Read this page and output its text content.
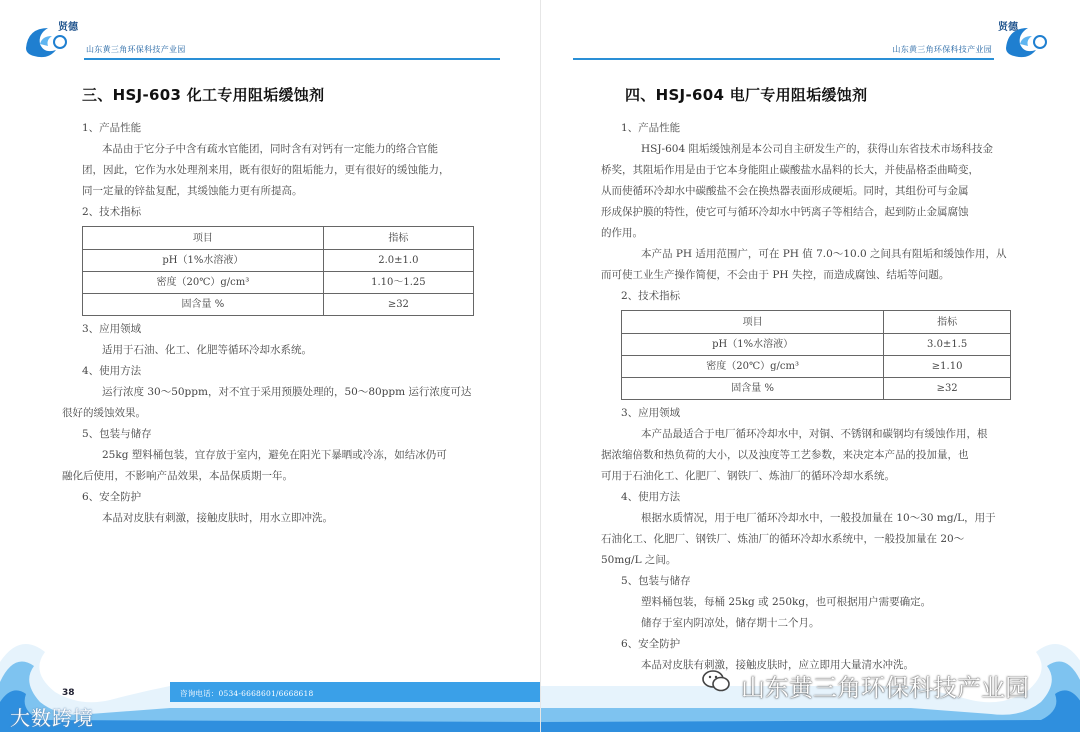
贤德
山东黄三角环保科技产业园
三、HSJ-603 化工专用阻垢缓蚀剂

1、产品性能

本品由于它分子中含有疏水官能团，同时含有对钙有一定能力的络合官能
团，因此，它作为水处理剂来用，既有很好的阻垢能力，更有很好的缓蚀能力，
同一定量的锌盐复配，其缓蚀能力更有所提高。

2、技术指标

项目	指标
pH（1%水溶液）	2.0±1.0
密度（20℃）g/cm³	1.10～1.25
固含量 %	≥32

3、应用领域

适用于石油、化工、化肥等循环冷却水系统。

4、使用方法

运行浓度 30～50ppm，对不宜于采用预膜处理的，50～80ppm 运行浓度可达
很好的缓蚀效果。

5、包装与储存

25kg 塑料桶包装，宜存放于室内，避免在阳光下暴晒或冷冻，如结冰仍可
融化后使用，不影响产品效果，本品保质期一年。

6、安全防护

本品对皮肤有刺激，接触皮肤时，用水立即冲洗。

38	咨询电话：0534-6668601/6668618
大数跨境
贤德
山东黄三角环保科技产业园
四、HSJ-604 电厂专用阻垢缓蚀剂

1、产品性能

HSJ-604 阻垢缓蚀剂是本公司自主研发生产的，获得山东省技术市场科技金
桥奖，其阻垢作用是由于它本身能阻止碳酸盐水晶料的长大，并使晶格歪曲畸变，
从而使循环冷却水中碳酸盐不会在换热器表面形成硬垢。同时，其组份可与金属
形成保护膜的特性，使它可与循环冷却水中钙离子等相结合，起到防止金属腐蚀
的作用。

本产品 PH 适用范围广，可在 PH 值 7.0～10.0 之间具有阻垢和缓蚀作用，从
而可使工业生产操作简便，不会由于 PH 失控，而造成腐蚀、结垢等问题。

2、技术指标

项目	指标
pH（1%水溶液）	3.0±1.5
密度（20℃）g/cm³	≥1.10
固含量 %	≥32

3、应用领域

本产品最适合于电厂循环冷却水中，对铜、不锈钢和碳钢均有缓蚀作用，根
据浓缩倍数和热负荷的大小，以及浊度等工艺参数，来决定本产品的投加量，也
可用于石油化工、化肥厂、钢铁厂、炼油厂的循环冷却水系统。

4、使用方法

根据水质情况，用于电厂循环冷却水中，一般投加量在 10～30 mg/L，用于
石油化工、化肥厂、钢铁厂、炼油厂的循环冷却水系统中，一般投加量在 20～
50mg/L 之间。

5、包装与储存

塑料桶包装，每桶 25kg 或 250kg，也可根据用户需要确定。

储存于室内阴凉处，储存期十二个月。

6、安全防护

本品对皮肤有刺激，接触皮肤时，应立即用大量清水冲洗。

山东黄三角环保科技产业园
